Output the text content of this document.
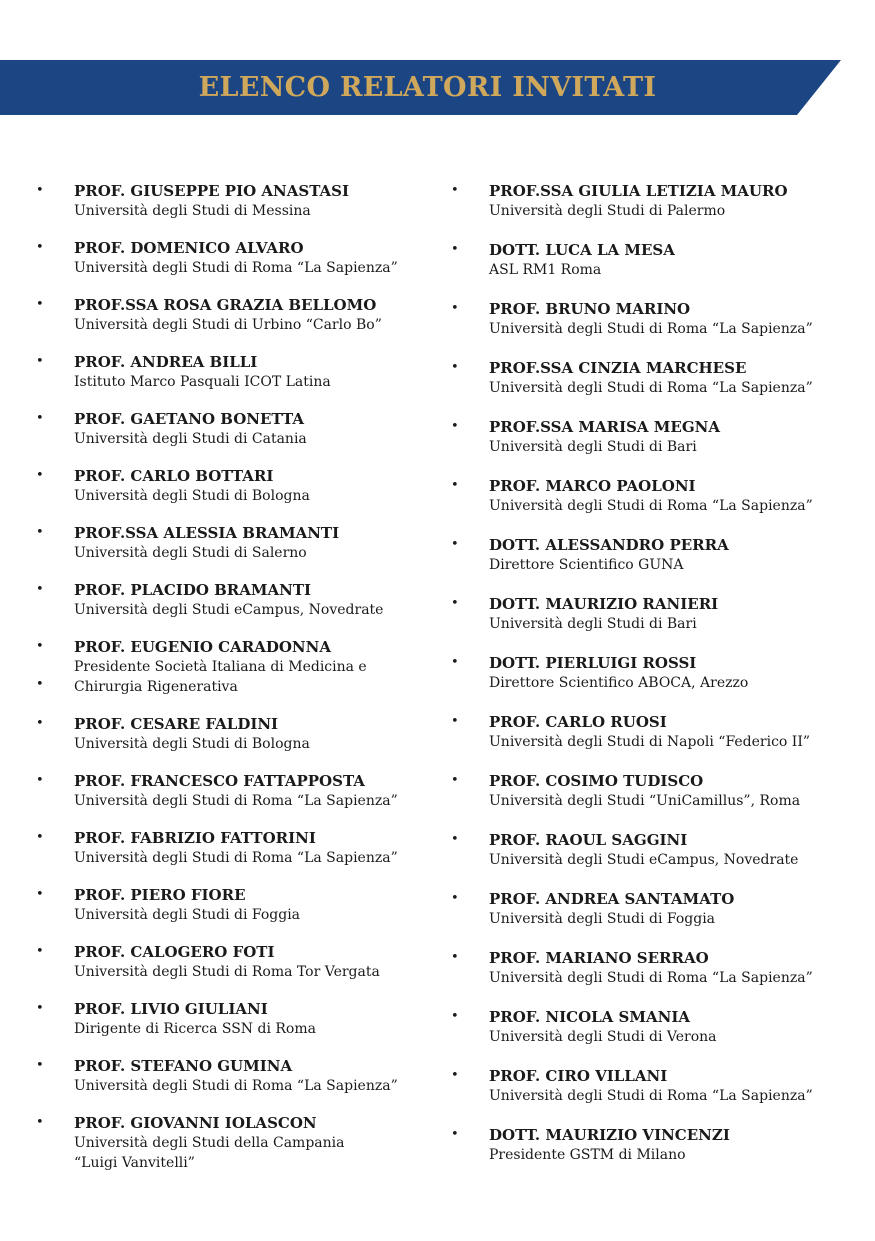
ELENCO RELATORI INVITATI
• PROF. GIUSEPPE PIO ANASTASI
Università degli Studi di Messina
• PROF. DOMENICO ALVARO
Università degli Studi di Roma “La Sapienza”
• PROF.SSA ROSA GRAZIA BELLOMO
Università degli Studi di Urbino “Carlo Bo”
• PROF. ANDREA BILLI
Istituto Marco Pasquali ICOT Latina
• PROF. GAETANO BONETTA
Università degli Studi di Catania
• PROF. CARLO BOTTARI
Università degli Studi di Bologna
• PROF.SSA ALESSIA BRAMANTI
Università degli Studi di Salerno
• PROF. PLACIDO BRAMANTI
Università degli Studi eCampus, Novedrate
•
•
PROF. EUGENIO CARADONNA
Presidente Società Italiana di Medicina e
Chirurgia Rigenerativa
• PROF. CESARE FALDINI
Università degli Studi di Bologna
• PROF. FRANCESCO FATTAPPOSTA
Università degli Studi di Roma “La Sapienza”
• PROF. FABRIZIO FATTORINI
Università degli Studi di Roma “La Sapienza”
• PROF. PIERO FIORE
Università degli Studi di Foggia
• PROF. CALOGERO FOTI
Università degli Studi di Roma Tor Vergata
• PROF. LIVIO GIULIANI
Dirigente di Ricerca SSN di Roma
• PROF. STEFANO GUMINA
Università degli Studi di Roma “La Sapienza”
• PROF. GIOVANNI IOLASCON
Università degli Studi della Campania
“Luigi Vanvitelli”
• PROF.SSA GIULIA LETIZIA MAURO
Università degli Studi di Palermo
• DOTT. LUCA LA MESA
ASL RM1 Roma
• PROF. BRUNO MARINO
Università degli Studi di Roma “La Sapienza”
• PROF.SSA CINZIA MARCHESE
Università degli Studi di Roma “La Sapienza”
• PROF.SSA MARISA MEGNA
Università degli Studi di Bari
• PROF. MARCO PAOLONI
Università degli Studi di Roma “La Sapienza”
• DOTT. ALESSANDRO PERRA
Direttore Scientifico GUNA
• DOTT. MAURIZIO RANIERI
Università degli Studi di Bari
• DOTT. PIERLUIGI ROSSI
Direttore Scientifico ABOCA, Arezzo
• PROF. CARLO RUOSI
Università degli Studi di Napoli “Federico II”
• PROF. COSIMO TUDISCO
Università degli Studi “UniCamillus”, Roma
• PROF. RAOUL SAGGINI
Università degli Studi eCampus, Novedrate
• PROF. ANDREA SANTAMATO
Università degli Studi di Foggia
• PROF. MARIANO SERRAO
Università degli Studi di Roma “La Sapienza”
• PROF. NICOLA SMANIA
Università degli Studi di Verona
• PROF. CIRO VILLANI
Università degli Studi di Roma “La Sapienza”
• DOTT. MAURIZIO VINCENZI
Presidente GSTM di Milano
